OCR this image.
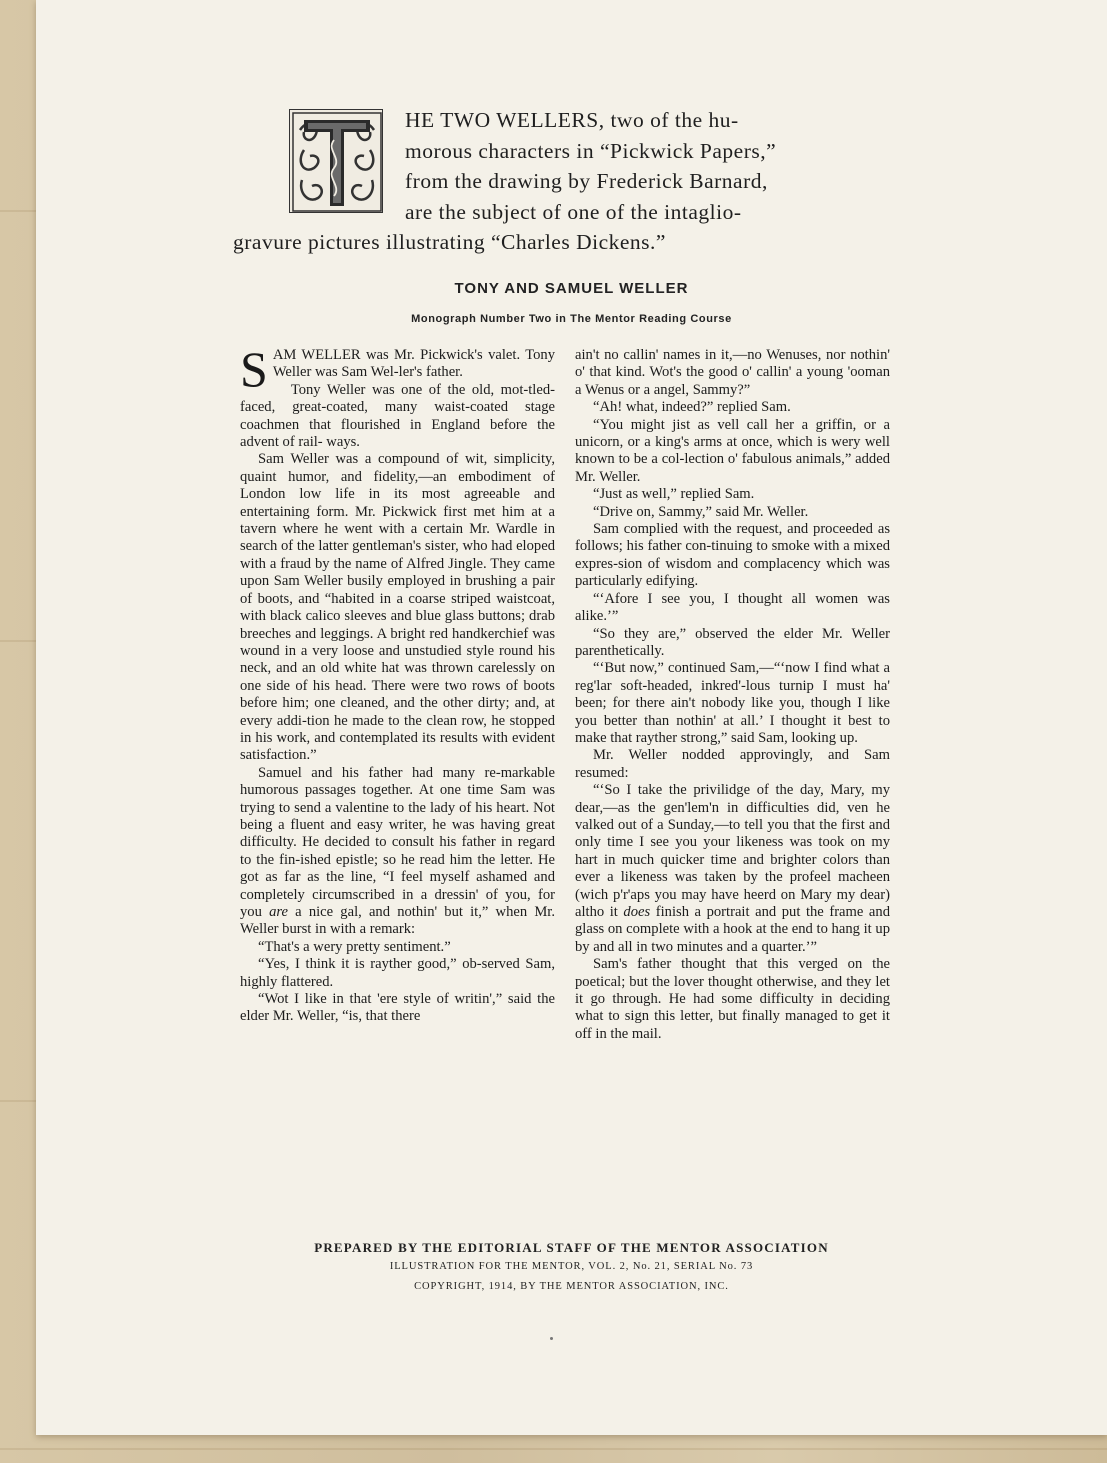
HE TWO WELLERS, two of the hu-
morous characters in “Pickwick Papers,”
from the drawing by Frederick Barnard,
are the subject of one of the intaglio-
gravure pictures illustrating “Charles Dickens.”
TONY AND SAMUEL WELLER
Monograph Number Two in The Mentor Reading Course

SAM WELLER was Mr. Pickwick's valet. Tony Weller was Sam Wel-ler's father.

Tony Weller was one of the old, mot-tled-faced, great-coated, many waist-coated stage coachmen that flourished in England before the advent of rail- ways.

Sam Weller was a compound of wit, simplicity, quaint humor, and fidelity,—an embodiment of London low life in its most agreeable and entertaining form. Mr. Pickwick first met him at a tavern where he went with a certain Mr. Wardle in search of the latter gentleman's sister, who had eloped with a fraud by the name of Alfred Jingle. They came upon Sam Weller busily employed in brushing a pair of boots, and “habited in a coarse striped waistcoat, with black calico sleeves and blue glass buttons; drab breeches and leggings. A bright red handkerchief was wound in a very loose and unstudied style round his neck, and an old white hat was thrown carelessly on one side of his head. There were two rows of boots before him; one cleaned, and the other dirty; and, at every addi-tion he made to the clean row, he stopped in his work, and contemplated its results with evident satisfaction.”

Samuel and his father had many re-markable humorous passages together. At one time Sam was trying to send a valentine to the lady of his heart. Not being a fluent and easy writer, he was having great difficulty. He decided to consult his father in regard to the fin-ished epistle; so he read him the letter. He got as far as the line, “I feel myself ashamed and completely circumscribed in a dressin' of you, for you are a nice gal, and nothin' but it,” when Mr. Weller burst in with a remark:

“That's a wery pretty sentiment.”

“Yes, I think it is rayther good,” ob-served Sam, highly flattered.

“Wot I like in that 'ere style of writin',” said the elder Mr. Weller, “is, that there

ain't no callin' names in it,—no Wenuses, nor nothin' o' that kind. Wot's the good o' callin' a young 'ooman a Wenus or a angel, Sammy?”

“Ah! what, indeed?” replied Sam.

“You might jist as vell call her a griffin, or a unicorn, or a king's arms at once, which is wery well known to be a col-lection o' fabulous animals,” added Mr. Weller.

“Just as well,” replied Sam.

“Drive on, Sammy,” said Mr. Weller.

Sam complied with the request, and proceeded as follows; his father con-tinuing to smoke with a mixed expres-sion of wisdom and complacency which was particularly edifying.

“‘Afore I see you, I thought all women was alike.’”

“So they are,” observed the elder Mr. Weller parenthetically.

“‘But now,” continued Sam,—“‘now I find what a reg'lar soft-headed, inkred'-lous turnip I must ha' been; for there ain't nobody like you, though I like you better than nothin' at all.’ I thought it best to make that rayther strong,” said Sam, looking up.

Mr. Weller nodded approvingly, and Sam resumed:

“‘So I take the privilidge of the day, Mary, my dear,—as the gen'lem'n in difficulties did, ven he valked out of a Sunday,—to tell you that the first and only time I see you your likeness was took on my hart in much quicker time and brighter colors than ever a likeness was taken by the profeel macheen (wich p'r'aps you may have heerd on Mary my dear) altho it does finish a portrait and put the frame and glass on complete with a hook at the end to hang it up by and all in two minutes and a quarter.’”

Sam's father thought that this verged on the poetical; but the lover thought otherwise, and they let it go through. He had some difficulty in deciding what to sign this letter, but finally managed to get it off in the mail.

PREPARED BY THE EDITORIAL STAFF OF THE MENTOR ASSOCIATION
ILLUSTRATION FOR THE MENTOR, VOL. 2, No. 21, SERIAL No. 73
COPYRIGHT, 1914, BY THE MENTOR ASSOCIATION, INC.
